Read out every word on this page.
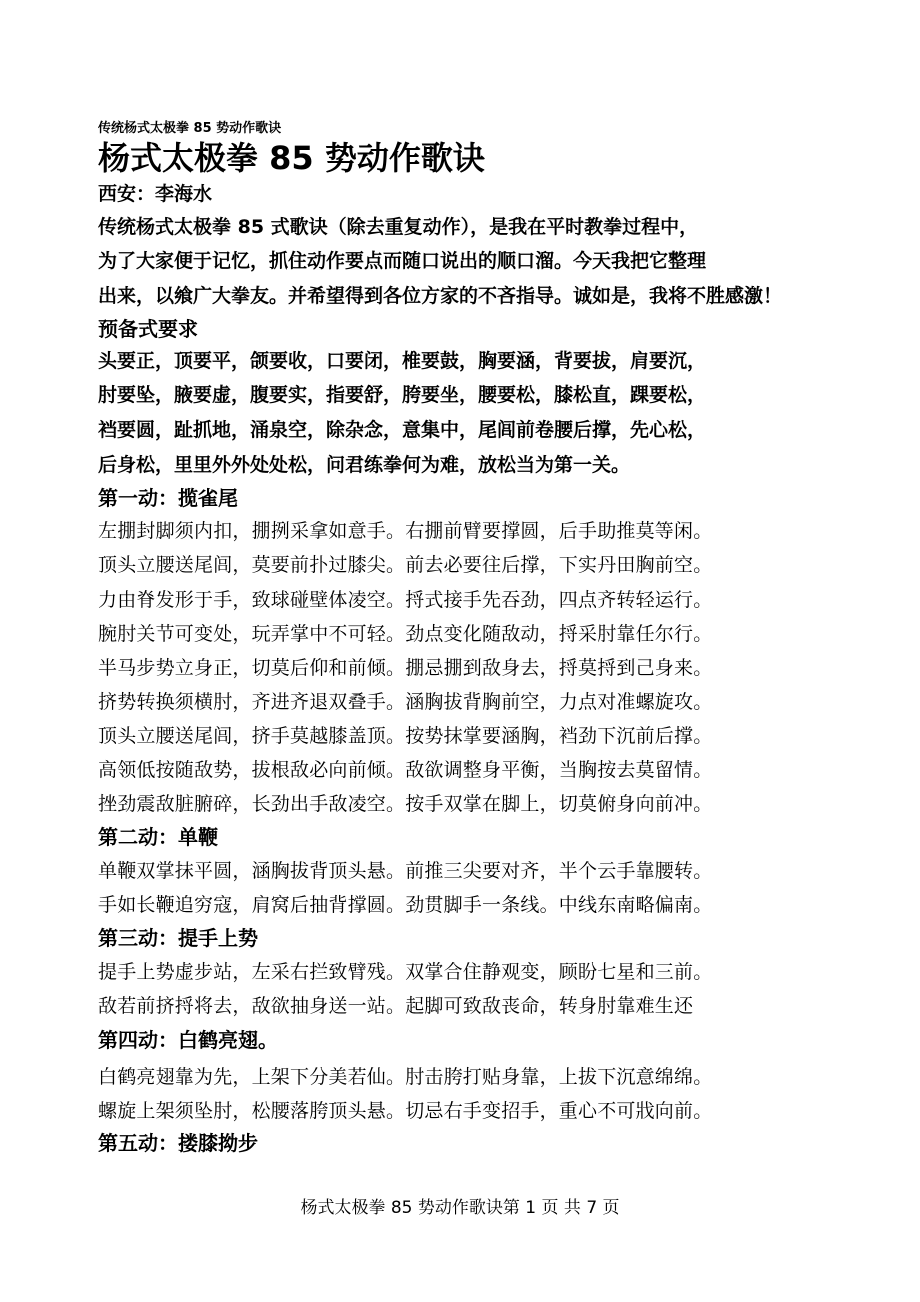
传统杨式太极拳 85 势动作歌诀
杨式太极拳 85 势动作歌诀
西安：李海水
传统杨式太极拳 85 式歌诀（除去重复动作），是我在平时教拳过程中，
为了大家便于记忆，抓住动作要点而随口说出的顺口溜。今天我把它整理
出来，以飨广大拳友。并希望得到各位方家的不吝指导。诚如是，我将不胜感激！
预备式要求
头要正，顶要平，颌要收，口要闭，椎要鼓，胸要涵，背要拔，肩要沉，
肘要坠，腋要虚，腹要实，指要舒，胯要坐，腰要松，膝松直，踝要松，
裆要圆，趾抓地，涌泉空，除杂念，意集中，尾闾前卷腰后撑，先心松，
后身松，里里外外处处松，问君练拳何为难，放松当为第一关。
第一动：揽雀尾
左掤封脚须内扣，掤挒采拿如意手。右掤前臂要撑圆，后手助推莫等闲。
顶头立腰送尾闾，莫要前扑过膝尖。前去必要往后撑，下实丹田胸前空。
力由脊发形于手，致球碰壁体凌空。捋式接手先吞劲，四点齐转轻运行。
腕肘关节可变处，玩弄掌中不可轻。劲点变化随敌动，捋采肘靠任尔行。
半马步势立身正，切莫后仰和前倾。掤忌掤到敌身去，捋莫捋到己身来。
挤势转换须横肘，齐进齐退双叠手。涵胸拔背胸前空，力点对准螺旋攻。
顶头立腰送尾闾，挤手莫越膝盖顶。按势抹掌要涵胸，裆劲下沉前后撑。
高领低按随敌势，拔根敌必向前倾。敌欲调整身平衡，当胸按去莫留情。
挫劲震敌脏腑碎，长劲出手敌凌空。按手双掌在脚上，切莫俯身向前冲。
第二动：单鞭
单鞭双掌抹平圆，涵胸拔背顶头悬。前推三尖要对齐，半个云手靠腰转。
手如长鞭追穷寇，肩窝后抽背撑圆。劲贯脚手一条线。中线东南略偏南。
第三动：提手上势
提手上势虚步站，左采右拦致臂残。双掌合住静观变，顾盼七星和三前。
敌若前挤捋将去，敌欲抽身送一站。起脚可致敌丧命，转身肘靠难生还
第四动：白鹤亮翅。
白鹤亮翅靠为先，上架下分美若仙。肘击胯打贴身靠，上拔下沉意绵绵。
螺旋上架须坠肘，松腰落胯顶头悬。切忌右手变招手，重心不可戕向前。
第五动：搂膝拗步
杨式太极拳 85 势动作歌诀第 1 页 共 7 页
